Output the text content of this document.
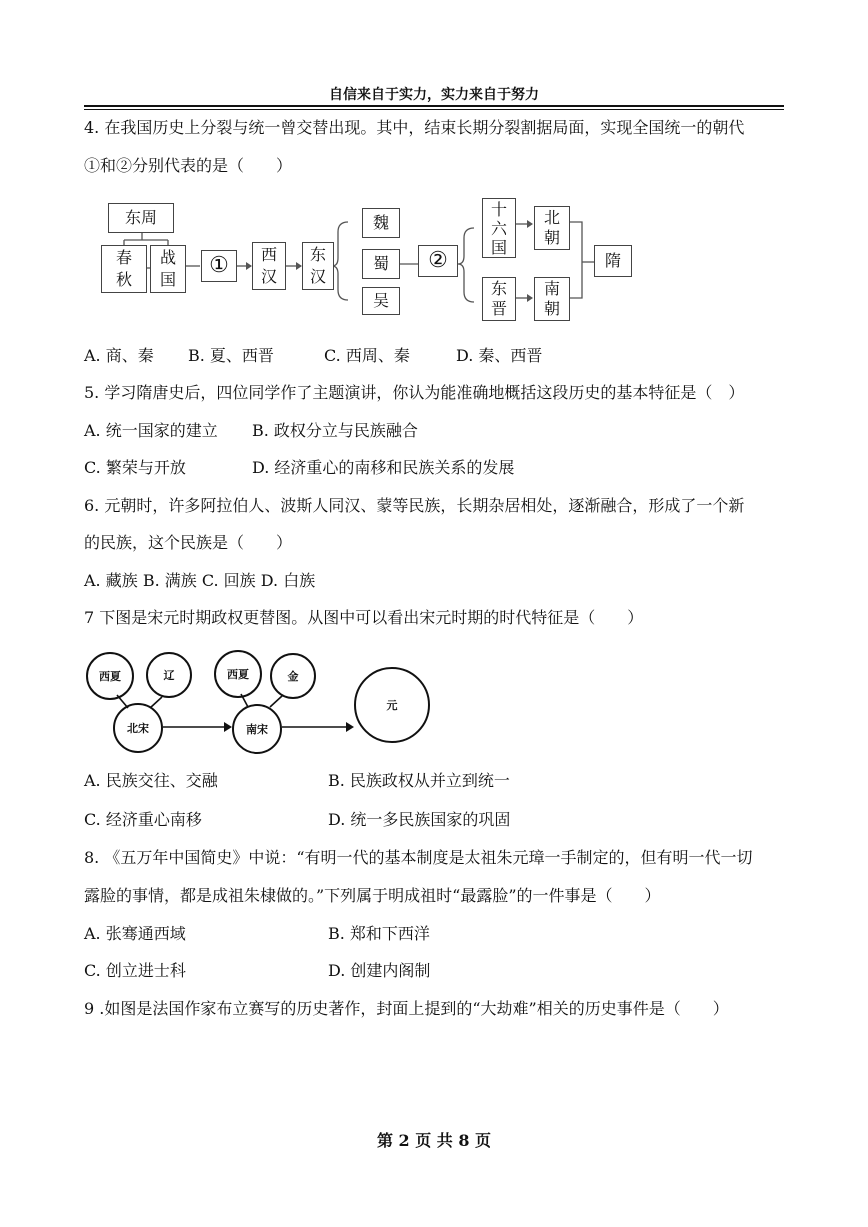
自信来自于实力，实力来自于努力
4. 在我国历史上分裂与统一曾交替出现。其中，结束长期分裂割据局面，实现全国统一的朝代
①和②分别代表的是（　　）
东周
春
秋
战
国
①	西
汉
东
汉
魏
蜀
吴
②
十
六
国
北
朝
东
晋
南
朝
隋
A. 商、秦 B. 夏、西晋	C. 西周、秦	D. 秦、西晋
5. 学习隋唐史后，四位同学作了主题演讲，你认为能准确地概括这段历史的基本特征是（　）
A. 统一国家的建立 B. 政权分立与民族融合
C. 繁荣与开放	D. 经济重心的南移和民族关系的发展
6. 元朝时，许多阿拉伯人、波斯人同汉、蒙等民族，长期杂居相处，逐渐融合，形成了一个新
的民族，这个民族是（　　）
A. 藏族 B. 满族 C. 回族 D. 白族
7 下图是宋元时期政权更替图。从图中可以看出宋元时期的时代特征是（　　）
西夏	辽
北宋
西夏	金
南宋
元
A. 民族交往、交融	B. 民族政权从并立到统一
C. 经济重心南移	D. 统一多民族国家的巩固
8. 《五万年中国简史》中说：“有明一代的基本制度是太祖朱元璋一手制定的，但有明一代一切
露脸的事情，都是成祖朱棣做的。”下列属于明成祖时“最露脸”的一件事是（　　）
A. 张骞通西域	B. 郑和下西洋
C. 创立进士科	D. 创建内阁制
9 .如图是法国作家布立赛写的历史著作，封面上提到的“大劫难”相关的历史事件是（　　）
第 2 页 共 8 页
